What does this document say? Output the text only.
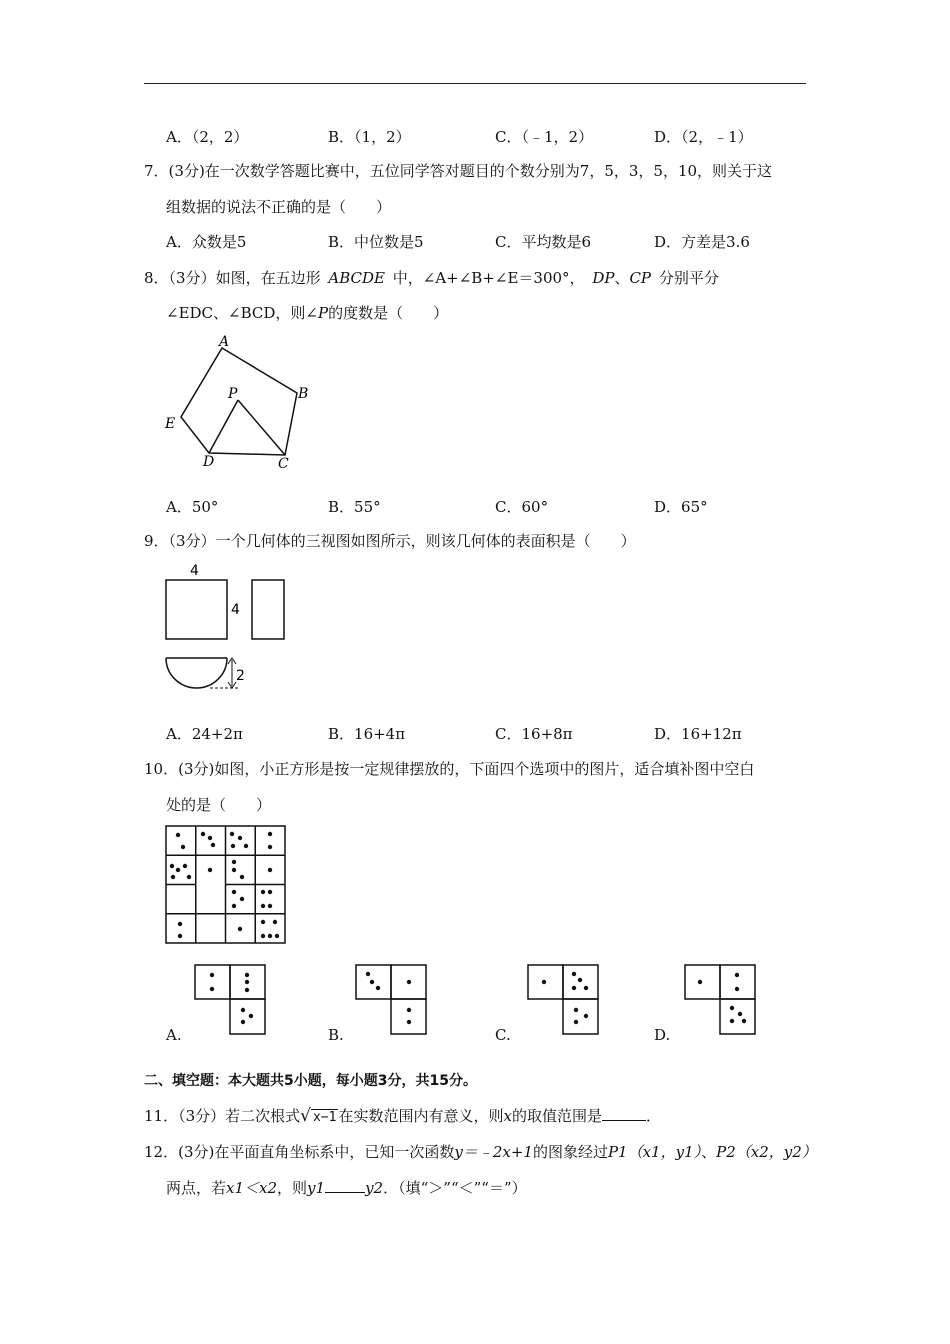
A．（2，2）	B．（1，2）	C．（﹣1，2）	D．（2，﹣1）
7．(3分)在一次数学答题比赛中，五位同学答对题目的个数分别为7，5，3，5，10，则关于这
组数据的说法不正确的是（　　）
A．众数是5	B．中位数是5	C．平均数是6	D．方差是3.6
8．（3分）如图，在五边形 ABCDE 中，∠A+∠B+∠E＝300°， DP、CP 分别平分
∠EDC、∠BCD，则∠P的度数是（　　）
A
B
C
D
E
P
A．50°	B．55°	C．60°	D．65°
9．（3分）一个几何体的三视图如图所示，则该几何体的表面积是（　　）
4
4
2
A．24+2π	B．16+4π	C．16+8π	D．16+12π
10．(3分)如图，小正方形是按一定规律摆放的，下面四个选项中的图片，适合填补图中空白
处的是（　　）
A.	B.	C.	D.
二、填空题：本大题共5小题，每小题3分，共15分。
11．（3分）若二次根式√ x−1 在实数范围内有意义，则x的取值范围是	．
12．(3分)在平面直角坐标系中，已知一次函数y＝﹣2x+1的图象经过P1（x1，y1）、P2（x2，y2）
两点，若x1＜x2，则y1	y2．（填“＞”“＜”“＝”）
